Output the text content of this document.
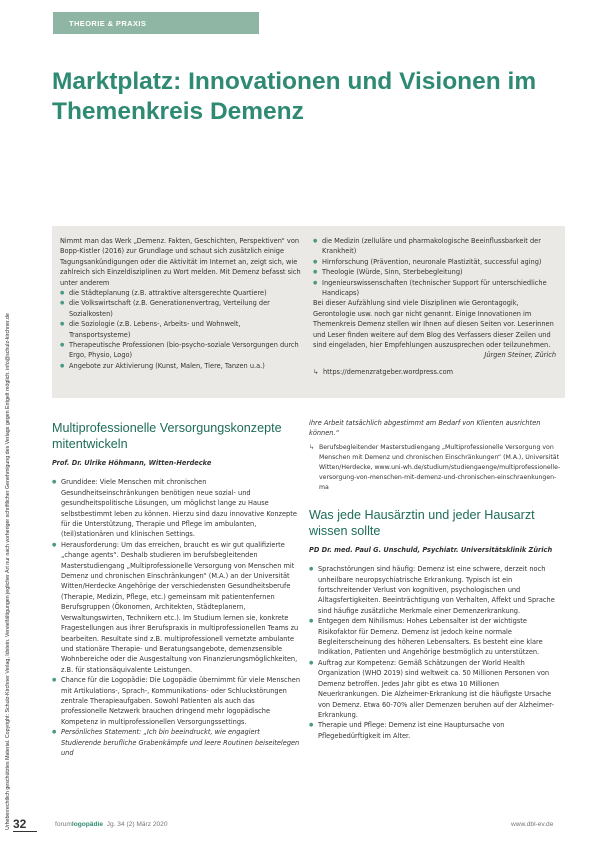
Urheberrechtlich geschütztes Material. Copyright: Schulz-Kirchner Verlag, Idstein. Vervielfältigungen jeglicher Art nur nach vorheriger schriftlicher Genehmigung des Verlags gegen Entgelt möglich. info@schulz-kirchner.de
THEORIE & PRAXIS
Marktplatz: Innovationen und Visionen im Themenkreis Demenz

Nimmt man das Werk „Demenz. Fakten, Geschichten, Perspektiven“ von Bopp-Kistler (2016) zur Grundlage und schaut sich zusätzlich einige Tagungsankündigungen oder die Aktivität im Internet an, zeigt sich, wie zahlreich sich Einzeldisziplinen zu Wort melden. Mit Demenz befasst sich unter anderem

● die Städteplanung (z.B. attraktive altersgerechte Quartiere)
● die Volkswirtschaft (z.B. Generationenvertrag, Verteilung der Sozialkosten)
● die Soziologie (z.B. Lebens-, Arbeits- und Wohnwelt, Transportsysteme)
● Therapeutische Professionen (bio-psycho-soziale Versorgungen durch Ergo, Physio, Logo)
● Angebote zur Aktivierung (Kunst, Malen, Tiere, Tanzen u.a.)
● die Medizin (zelluläre und pharmakologische Beeinflussbarkeit der Krankheit)
● Hirnforschung (Prävention, neuronale Plastizität, successful aging)
● Theologie (Würde, Sinn, Sterbebegleitung)
● Ingenieurswissenschaften (technischer Support für unterschiedliche Handicaps)

Bei dieser Aufzählung sind viele Disziplinen wie Gerontagogik, Gerontologie usw. noch gar nicht genannt. Einige Innovationen im Themenkreis Demenz stellen wir Ihnen auf diesen Seiten vor. Leserinnen und Leser finden weitere auf dem Blog des Verfassers dieser Zeilen und sind eingeladen, hier Empfehlungen auszusprechen oder teilzunehmen.

Jürgen Steiner, Zürich

↳ https://demenzratgeber.wordpress.com

Multiprofessionelle Versorgungskonzepte mitentwickeln

Prof. Dr. Ulrike Höhmann, Witten-Herdecke

● Grundidee: Viele Menschen mit chronischen Gesundheitseinschränkungen benötigen neue sozial- und gesundheitspolitische Lösungen, um möglichst lange zu Hause selbstbestimmt leben zu können. Hierzu sind dazu innovative Konzepte für die Unterstützung, Therapie und Pflege im ambulanten, (teil)stationären und klinischen Settings.
● Herausforderung: Um das erreichen, braucht es wir gut qualifizierte „change agents“. Deshalb studieren im berufsbegleitenden Masterstudiengang „Multiprofessionelle Versorgung von Menschen mit Demenz und chronischen Einschränkungen“ (M.A.) an der Universität Witten/Herdecke Angehörige der verschiedensten Gesundheitsberufe (Therapie, Medizin, Pflege, etc.) gemeinsam mit patientenfernen Berufsgruppen (Ökonomen, Architekten, Städteplanern, Verwaltungswirten, Technikern etc.). Im Studium lernen sie, konkrete Fragestellungen aus ihrer Berufspraxis in multiprofessionellen Teams zu bearbeiten. Resultate sind z.B. multiprofessionell vernetzte ambulante und stationäre Therapie- und Beratungsangebote, demenzsensible Wohnbereiche oder die Ausgestaltung von Finanzierungsmöglichkeiten, z.B. für stationsäquivalente Leistungen.
● Chance für die Logopädie: Die Logopädie übernimmt für viele Menschen mit Artikulations-, Sprach-, Kommunikations- oder Schluckstörungen zentrale Therapieaufgaben. Sowohl Patienten als auch das professionelle Netzwerk brauchen dringend mehr logopädische Kompetenz in multiprofessionellen Versorgungssettings.
● Persönliches Statement: „Ich bin beeindruckt, wie engagiert Studierende berufliche Grabenkämpfe und leere Routinen beiseitelegen und

ihre Arbeit tatsächlich abgestimmt am Bedarf von Klienten ausrichten können.“

↳ Berufsbegleitender Masterstudiengang „Multiprofessionelle Versorgung von Menschen mit Demenz und chronischen Einschränkungen“ (M.A.), Universität Witten/Herdecke, www.uni-wh.de/studium/studiengaenge/multiprofessionelle-versorgung-von-menschen-mit-demenz-und-chronischen-einschraenkungen-ma

Was jede Hausärztin und jeder Hausarzt wissen sollte

PD Dr. med. Paul G. Unschuld, Psychiatr. Universitätsklinik Zürich

● Sprachstörungen sind häufig: Demenz ist eine schwere, derzeit noch unheilbare neuropsychiatrische Erkrankung. Typisch ist ein fortschreitender Verlust von kognitiven, psychologischen und Alltagsfertigkeiten. Beeinträchtigung von Verhalten, Affekt und Sprache sind häufige zusätzliche Merkmale einer Demenzerkrankung.
● Entgegen dem Nihilismus: Hohes Lebensalter ist der wichtigste Risikofaktor für Demenz. Demenz ist jedoch keine normale Begleiterscheinung des höheren Lebensalters. Es besteht eine klare Indikation, Patienten und Angehörige bestmöglich zu unterstützen.
● Auftrag zur Kompetenz: Gemäß Schätzungen der World Health Organization (WHO 2019) sind weltweit ca. 50 Millionen Personen von Demenz betroffen. Jedes Jahr gibt es etwa 10 Millionen Neuerkrankungen. Die Alzheimer-Erkrankung ist die häufigste Ursache von Demenz. Etwa 60-70% aller Demenzen beruhen auf der Alzheimer-Erkrankung.
● Therapie und Pflege: Demenz ist eine Hauptursache von Pflegebedürftigkeit im Alter.
32	forumlogopädie Jg. 34 (2) März 2020	www.dbl-ev.de
